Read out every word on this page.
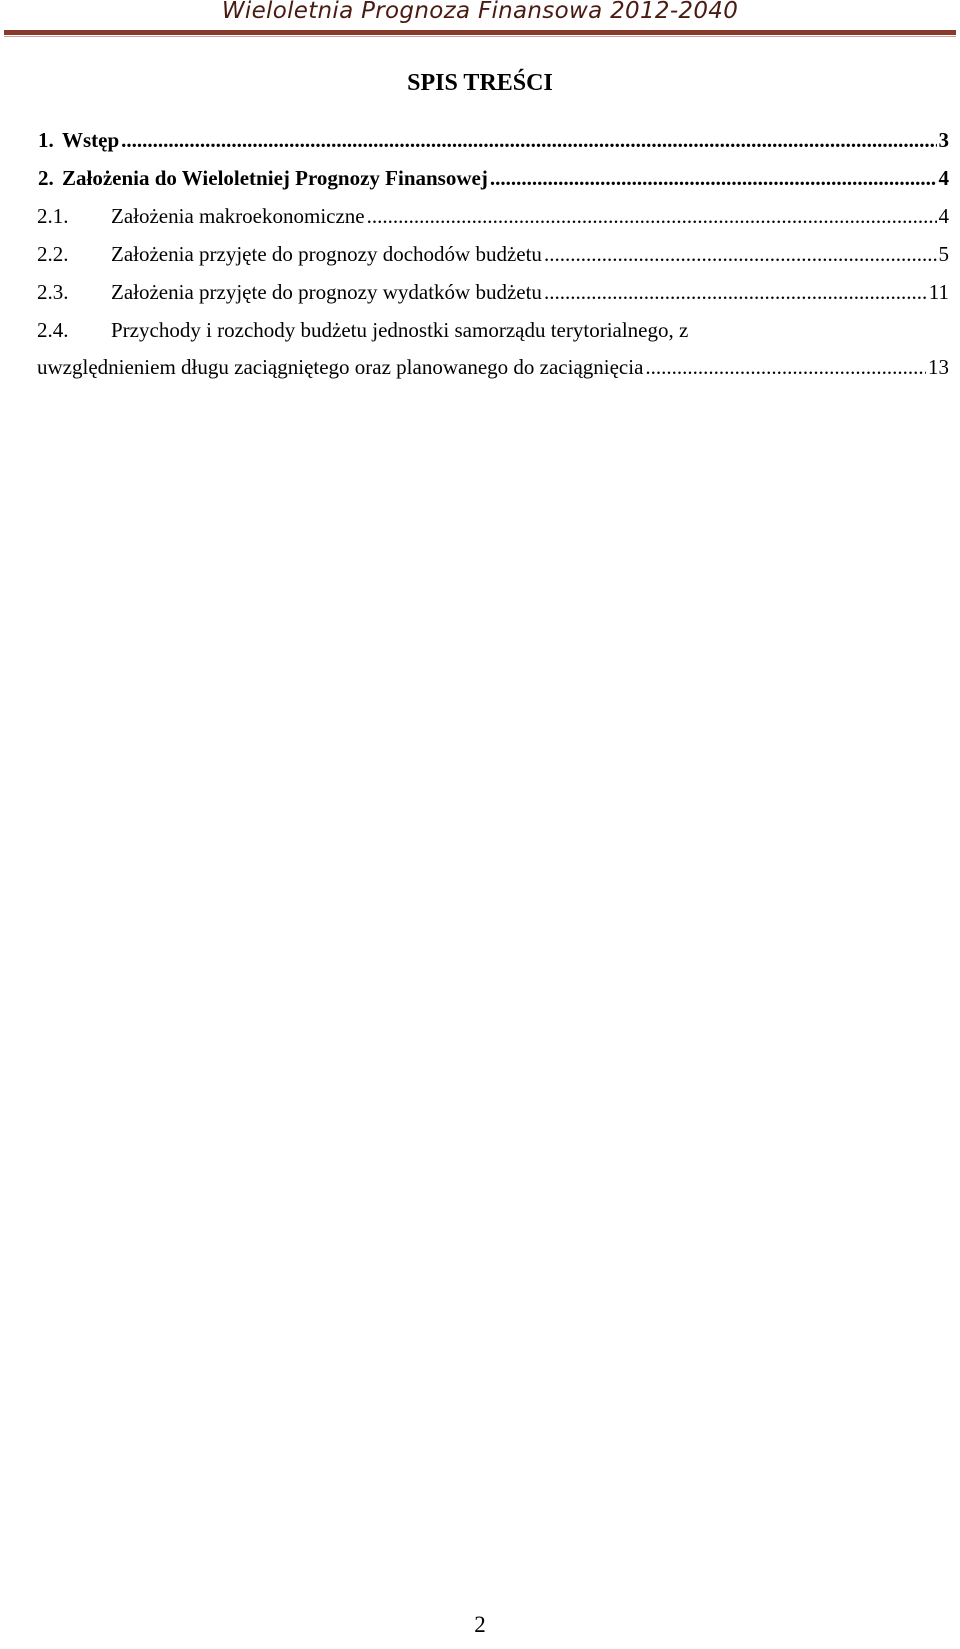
Wieloletnia Prognoza Finansowa 2012-2040
SPIS TREŚCI
1. Wstęp .....	3
2. Założenia do Wieloletniej Prognozy Finansowej .....	4
2.1. Założenia makroekonomiczne .....	4
2.2. Założenia przyjęte do prognozy dochodów budżetu .....	5
2.3. Założenia przyjęte do prognozy wydatków budżetu .....	11
2.4. Przychody i rozchody budżetu jednostki samorządu terytorialnego, z
uwzględnieniem długu zaciągniętego oraz planowanego do zaciągnięcia .....	13
2
